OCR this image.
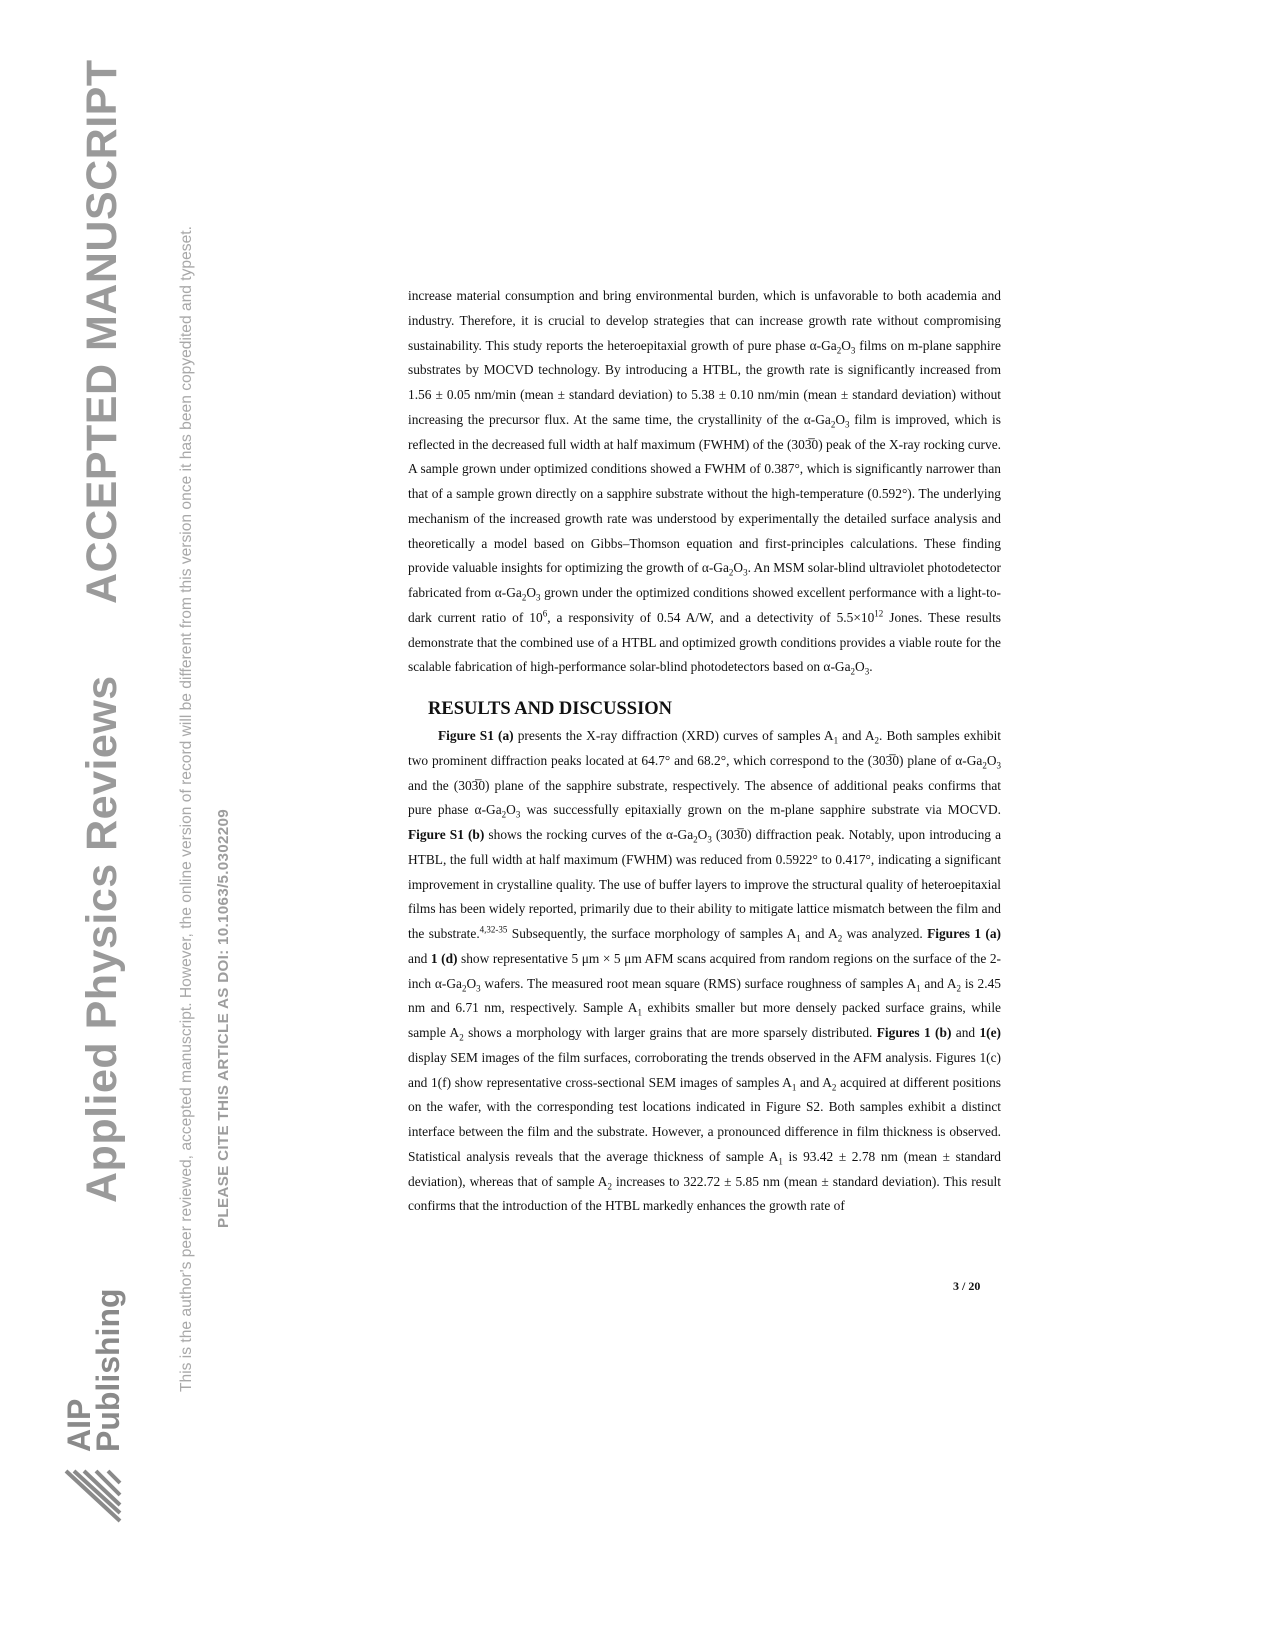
Applied Physics Reviews
ACCEPTED MANUSCRIPT	This is the author's peer reviewed, accepted manuscript. However, the online version of record will be different from this version once it has been copyedited and typeset. PLEASE CITE THIS ARTICLE AS DOI: 10.1063/5.0302209
AIP
Publishing

increase material consumption and bring environmental burden, which is unfavorable to both academia and industry. Therefore, it is crucial to develop strategies that can increase growth rate without compromising sustainability. This study reports the heteroepitaxial growth of pure phase $\alpha-Ga_2O_3$ films on m-plane sapphire substrates by MOCVD technology. By introducing a HTBL, the growth rate is significantly increased from 1.56 ± 0.05 nm/min (mean ± standard deviation) to 5.38 ± 0.10 nm/min (mean ± standard deviation) without increasing the precursor flux. At the same time, the crystallinity of the $\alpha-Ga_2O_3$ film is improved, which is reflected in the decreased full width at half maximum (FWHM) of the (303̅0) peak of the X-ray rocking curve. A sample grown under optimized conditions showed a FWHM of 0.387°, which is significantly narrower than that of a sample grown directly on a sapphire substrate without the high-temperature (0.592°). The underlying mechanism of the increased growth rate was understood by experimentally the detailed surface analysis and theoretically a model based on Gibbs–Thomson equation and first-principles calculations. These finding provide valuable insights for optimizing the growth of $\alpha-Ga_2O_3$. An MSM solar-blind ultraviolet photodetector fabricated from $\alpha-Ga_2O_3$ grown under the optimized conditions showed excellent performance with a light-to-dark current ratio of $10^6$, a responsivity of 0.54 A/W, and a detectivity of $5.5\times 10^{12}$ Jones. These results demonstrate that the combined use of a HTBL and optimized growth conditions provides a viable route for the scalable fabrication of high-performance solar-blind photodetectors based on $\alpha-Ga_2O_3$.

RESULTS AND DISCUSSION

Figure S1 (a) presents the X-ray diffraction (XRD) curves of samples $A_1$ and $A_2$. Both samples exhibit two prominent diffraction peaks located at 64.7° and 68.2°, which correspond to the (303̅0) plane of $\alpha-Ga_2O_3$ and the (303̅0) plane of the sapphire substrate, respectively. The absence of additional peaks confirms that pure phase $\alpha-Ga_2O_3$ was successfully epitaxially grown on the m-plane sapphire substrate via MOCVD. Figure S1 (b) shows the rocking curves of the $\alpha-Ga_2O_3$ (303̅0) diffraction peak. Notably, upon introducing a HTBL, the full width at half maximum (FWHM) was reduced from 0.5922° to 0.417°, indicating a significant improvement in crystalline quality. The use of buffer layers to improve the structural quality of heteroepitaxial films has been widely reported, primarily due to their ability to mitigate lattice mismatch between the film and the substrate.$^{4,32-35}$ Subsequently, the surface morphology of samples $A_1$ and $A_2$ was analyzed. Figures 1 (a) and 1 (d) show representative 5 μm × 5 μm AFM scans acquired from random regions on the surface of the 2-inch $\alpha-Ga_2O_3$ wafers. The measured root mean square (RMS) surface roughness of samples $A_1$ and $A_2$ is 2.45 nm and 6.71 nm, respectively. Sample $A_1$ exhibits smaller but more densely packed surface grains, while sample $A_2$ shows a morphology with larger grains that are more sparsely distributed. Figures 1 (b) and 1(e) display SEM images of the film surfaces, corroborating the trends observed in the AFM analysis. Figures 1(c) and 1(f) show representative cross-sectional SEM images of samples $A_1$ and $A_2$ acquired at different positions on the wafer, with the corresponding test locations indicated in Figure S2. Both samples exhibit a distinct interface between the film and the substrate. However, a pronounced difference in film thickness is observed. Statistical analysis reveals that the average thickness of sample $A_1$ is 93.42 ± 2.78 nm (mean ± standard deviation), whereas that of sample $A_2$ increases to 322.72 ± 5.85 nm (mean ± standard deviation). This result confirms that the introduction of the HTBL markedly enhances the growth rate of

3 / 20
